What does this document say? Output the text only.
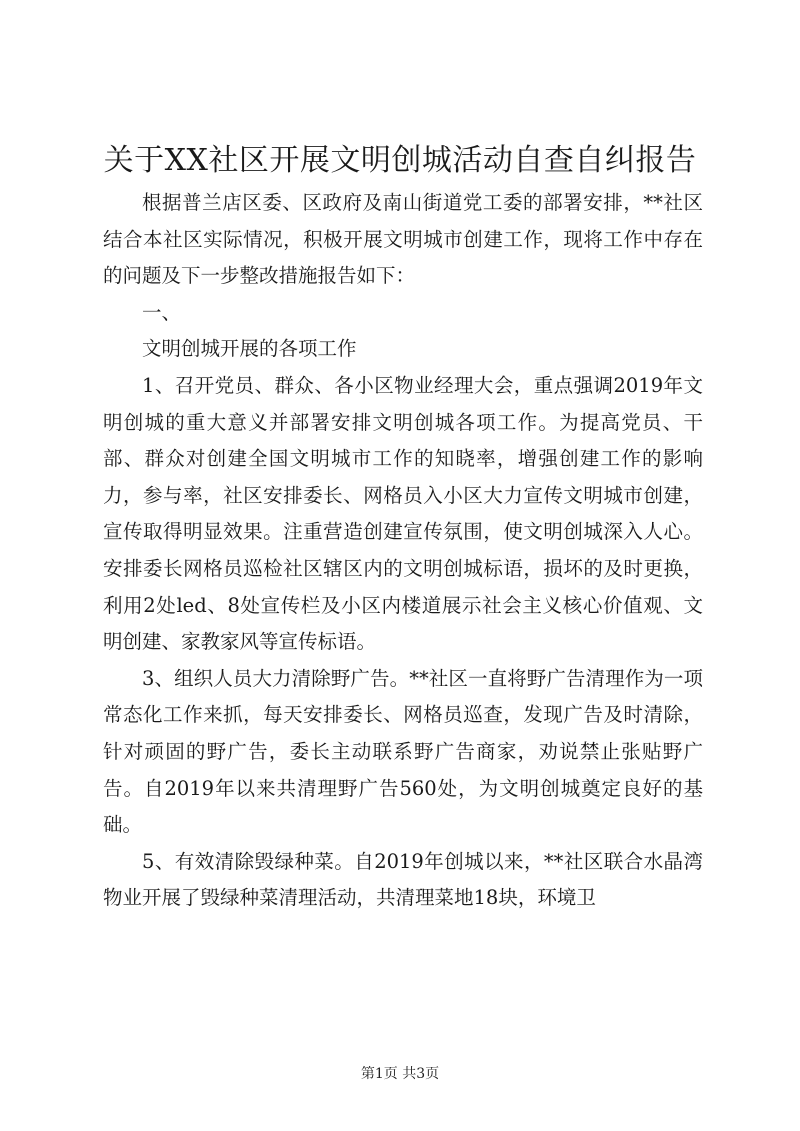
关于XX社区开展文明创城活动自查自纠报告

根据普兰店区委、区政府及南山街道党工委的部署安排，**社区结合本社区实际情况，积极开展文明城市创建工作，现将工作中存在的问题及下一步整改措施报告如下：

一、

文明创城开展的各项工作

1、召开党员、群众、各小区物业经理大会，重点强调2019年文明创城的重大意义并部署安排文明创城各项工作。为提高党员、干部、群众对创建全国文明城市工作的知晓率，增强创建工作的影响力，参与率，社区安排委长、网格员入小区大力宣传文明城市创建，宣传取得明显效果。注重营造创建宣传氛围，使文明创城深入人心。安排委长网格员巡检社区辖区内的文明创城标语，损坏的及时更换，利用2处led、8处宣传栏及小区内楼道展示社会主义核心价值观、文明创建、家教家风等宣传标语。

3、组织人员大力清除野广告。**社区一直将野广告清理作为一项常态化工作来抓，每天安排委长、网格员巡查，发现广告及时清除，针对顽固的野广告，委长主动联系野广告商家，劝说禁止张贴野广告。自2019年以来共清理野广告560处，为文明创城奠定良好的基础。

5、有效清除毁绿种菜。自2019年创城以来，**社区联合水晶湾物业开展了毁绿种菜清理活动，共清理菜地18块，环境卫

第1页 共3页
